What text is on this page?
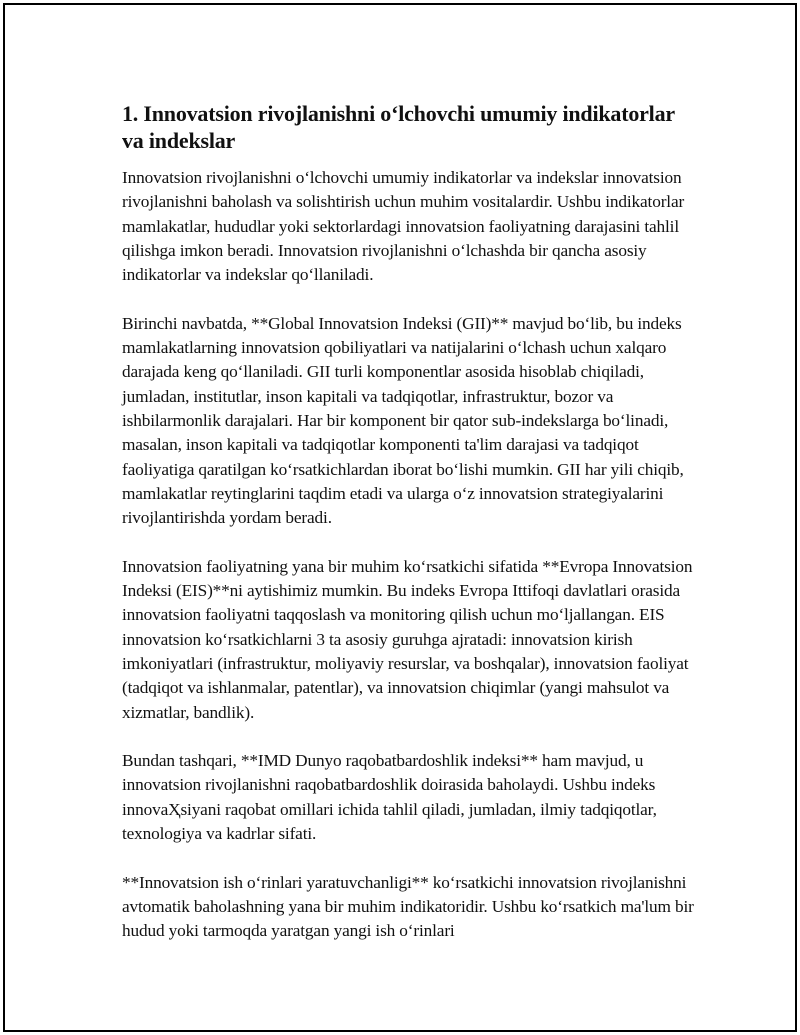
1. Innovatsion rivojlanishni o‘lchovchi umumiy indikatorlar va indekslar

Innovatsion rivojlanishni o‘lchovchi umumiy indikatorlar va indekslar innovatsion rivojlanishni baholash va solishtirish uchun muhim vositalardir. Ushbu indikatorlar mamlakatlar, hududlar yoki sektorlardagi innovatsion faoliyatning darajasini tahlil qilishga imkon beradi. Innovatsion rivojlanishni o‘lchashda bir qancha asosiy indikatorlar va indekslar qo‘llaniladi.

Birinchi navbatda, **Global Innovatsion Indeksi (GII)** mavjud bo‘lib, bu indeks mamlakatlarning innovatsion qobiliyatlari va natijalarini o‘lchash uchun xalqaro darajada keng qo‘llaniladi. GII turli komponentlar asosida hisoblab chiqiladi, jumladan, institutlar, inson kapitali va tadqiqotlar, infrastruktur, bozor va ishbilarmonlik darajalari. Har bir komponent bir qator sub-indekslarga bo‘linadi, masalan, inson kapitali va tadqiqotlar komponenti ta'lim darajasi va tadqiqot faoliyatiga qaratilgan ko‘rsatkichlardan iborat bo‘lishi mumkin. GII har yili chiqib, mamlakatlar reytinglarini taqdim etadi va ularga o‘z innovatsion strategiyalarini rivojlantirishda yordam beradi.

Innovatsion faoliyatning yana bir muhim ko‘rsatkichi sifatida **Evropa Innovatsion Indeksi (EIS)**ni aytishimiz mumkin. Bu indeks Evropa Ittifoqi davlatlari orasida innovatsion faoliyatni taqqoslash va monitoring qilish uchun mo‘ljallangan. EIS innovatsion ko‘rsatkichlarni 3 ta asosiy guruhga ajratadi: innovatsion kirish imkoniyatlari (infrastruktur, moliyaviy resurslar, va boshqalar), innovatsion faoliyat (tadqiqot va ishlanmalar, patentlar), va innovatsion chiqimlar (yangi mahsulot va xizmatlar, bandlik).

Bundan tashqari, **IMD Dunyo raqobatbardoshlik indeksi** ham mavjud, u innovatsion rivojlanishni raqobatbardoshlik doirasida baholaydi. Ushbu indeks innovaҲsiyani raqobat omillari ichida tahlil qiladi, jumladan, ilmiy tadqiqotlar, texnologiya va kadrlar sifati.

**Innovatsion ish o‘rinlari yaratuvchanligi** ko‘rsatkichi innovatsion rivojlanishni avtomatik baholashning yana bir muhim indikatoridir. Ushbu ko‘rsatkich ma'lum bir hudud yoki tarmoqda yaratgan yangi ish o‘rinlari
